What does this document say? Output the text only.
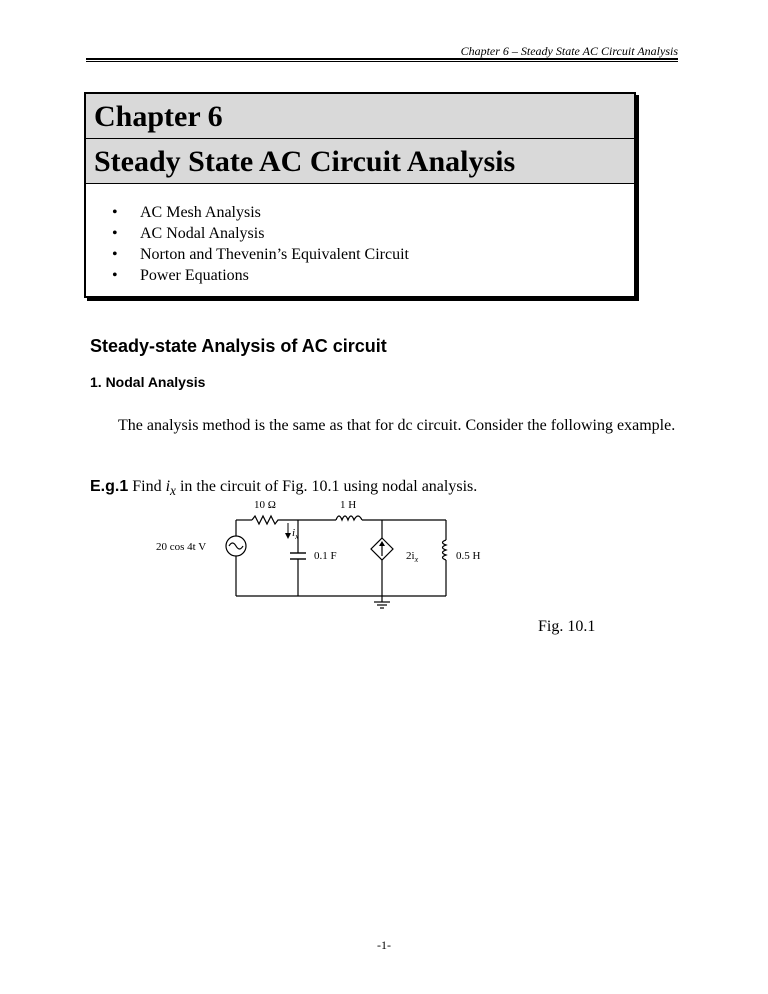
Chapter 6 – Steady State AC Circuit Analysis
Chapter 6
Steady State AC Circuit Analysis
• AC Mesh Analysis
• AC Nodal Analysis
• Norton and Thevenin’s Equivalent Circuit
• Power Equations
Steady-state Analysis of AC circuit
1. Nodal Analysis
The analysis method is the same as that for dc circuit. Consider the following example.
E.g.1 Find $i_x$ in the circuit of Fig. 10.1 using nodal analysis.
10 Ω	1 H
20 cos 4t V
$i_x$
0.1 F	$2i_x$	0.5 H
Fig. 10.1
-1-
